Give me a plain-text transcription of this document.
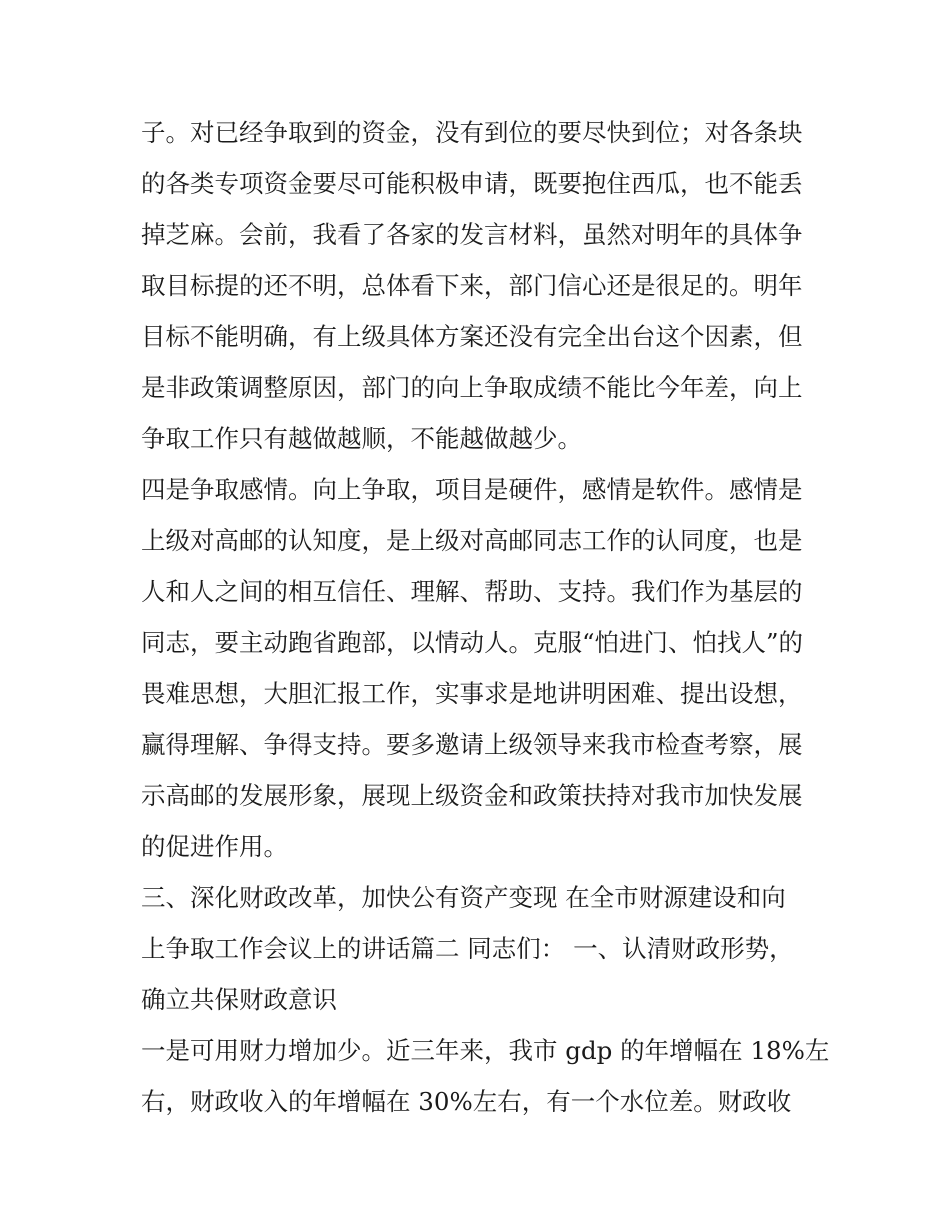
子。对已经争取到的资金，没有到位的要尽快到位；对各条块
的各类专项资金要尽可能积极申请，既要抱住西瓜，也不能丢
掉芝麻。会前，我看了各家的发言材料，虽然对明年的具体争
取目标提的还不明，总体看下来，部门信心还是很足的。明年
目标不能明确，有上级具体方案还没有完全出台这个因素，但
是非政策调整原因，部门的向上争取成绩不能比今年差，向上
争取工作只有越做越顺，不能越做越少。
四是争取感情。向上争取，项目是硬件，感情是软件。感情是
上级对高邮的认知度，是上级对高邮同志工作的认同度，也是
人和人之间的相互信任、理解、帮助、支持。我们作为基层的
同志，要主动跑省跑部，以情动人。克服“怕进门、怕找人”的
畏难思想，大胆汇报工作，实事求是地讲明困难、提出设想，
赢得理解、争得支持。要多邀请上级领导来我市检查考察，展
示高邮的发展形象，展现上级资金和政策扶持对我市加快发展
的促进作用。
三、深化财政改革，加快公有资产变现 在全市财源建设和向
上争取工作会议上的讲话篇二 同志们： 一、认清财政形势，
确立共保财政意识
一是可用财力增加少。近三年来，我市 gdp 的年增幅在 18%左
右，财政收入的年增幅在 30%左右，有一个水位差。财政收
